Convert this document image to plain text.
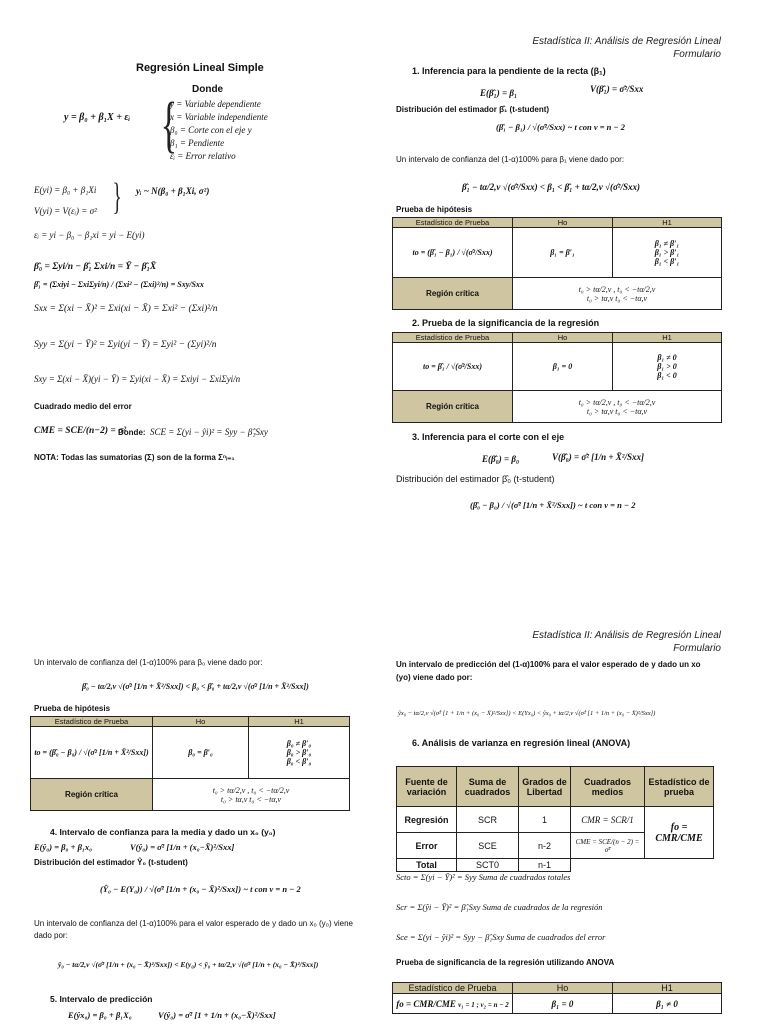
Regresión Lineal Simple
Donde
y = β₀ + β₁X + εᵢ {
y = Variable dependiente
x = Variable independiente
β₀ = Corte con el eje y
β₁ = Pendiente
εᵢ = Error relativo
E(yi) = β₀ + β₁Xi
V(yi) = V(εᵢ) = σ² } yᵢ ~ N(β₀ + β₁Xi, σ²)
εᵢ = yi − β₀ − β₁xi = yi − E(yi)
β̂₀ = Σyi/n − β̂₁ Σxi/n = Ȳ − β̂₁X̄
β̂₁ = (Σxiyi − ΣxiΣyi/n) / (Σxi² − (Σxi)²/n) = Sxy/Sxx
Sxx = Σ(xi − X̄)² = Σxi(xi − X̄) = Σxi² − (Σxi)²/n
Syy = Σ(yi − Ȳ)² = Σyi(yi − Ȳ) = Σyi² − (Σyi)²/n
Sxy = Σ(xi − X̄)(yi − Ȳ) = Σyi(xi − X̄) = Σxiyi − ΣxiΣyi/n
Cuadrado medio del error
CME = SCE/(n−2) = σ²
Donde: SCE = Σ(yi − ŷi)² = Syy − β̂₁Sxy
NOTA: Todas las sumatorias (Σ) son de la forma Σⁿᵢ₌₁
Estadística II: Análisis de Regresión Lineal
Formulario
1. Inferencia para la pendiente de la recta (β₁)
E(β̂₁) = β₁	V(β̂₁) = σ̂²/Sxx
Distribución del estimador β̂₁ (t-student)
(β̂₁ − β₁) / √(σ̂²/Sxx) ~ t con v = n − 2
Un intervalo de confianza del (1-α)100% para β₁ viene dado por:
β̂₁ − tα/2,v √(σ̂²/Sxx) < β₁ < β̂₁ + tα/2,v √(σ̂²/Sxx)
Prueba de hipótesis
Estadístico de Prueba	Ho	H1
to = (β̂₁ − β₁) / √(σ̂²/Sxx)	β₁ = β′₁	β₁ ≠ β′₁
β₁ > β′₁
β₁ < β′₁

Región crítica	t₀ > tα/2,v , t₀ < −tα/2,v
t₀ > tα,v t₀ < −tα,v	
2. Prueba de la significancia de la regresión
Estadístico de Prueba	Ho	H1
to = β̂₁ / √(σ̂²/Sxx)	β₁ = 0	β₁ ≠ 0
β₁ > 0
β₁ < 0

Región crítica	t₀ > tα/2,v , t₀ < −tα/2,v
t₀ > tα,v t₀ < −tα,v	
3. Inferencia para el corte con el eje
E(β̂₀) = β₀	V(β̂₀) = σ̂² [1/n + X̄²/Sxx]
Distribución del estimador β̂₀ (t-student)
(β̂₀ − β₀) / √(σ̂² [1/n + X̄²/Sxx]) ~ t con v = n − 2
Un intervalo de confianza del (1-α)100% para β₀ viene dado por:
β̂₀ − tα/2,v √(σ̂² [1/n + X̄²/Sxx]) < β₀ < β̂₀ + tα/2,v √(σ̂² [1/n + X̄²/Sxx])
Prueba de hipótesis
Estadístico de Prueba	Ho	H1
to = (β̂₀ − β₀) / √(σ̂² [1/n + X̄²/Sxx])	β₀ = β′₀	β₀ ≠ β′₀
β₀ > β′₀
β₀ < β′₀

Región crítica	t₀ > tα/2,v , t₀ < −tα/2,v
t₀ > tα,v t₀ < −tα,v	
4. Intervalo de confianza para la media y dado un x₀ (y₀)
E(ŷ₀) = β₀ + β₁x₀	V(ŷ₀) = σ̂² [1/n + (x₀−X̄)²/Sxx]
Distribución del estimador Ŷ₀ (t-student)
(Ŷ₀ − E(Y₀)) / √(σ̂² [1/n + (x₀ − X̄)²/Sxx]) ~ t con v = n − 2
Un intervalo de confianza del (1-α)100% para el valor esperado de y dado un x₀ (y₀) viene dado por:
ŷ₀ − tα/2,v √(σ̂² [1/n + (x₀ − X̄)²/Sxx]) < E(y₀) < ŷ₀ + tα/2,v √(σ̂² [1/n + (x₀ − X̄)²/Sxx])
5. Intervalo de predicción
E(ŷx₀) = β₀ + β₁X₀	V(ŷ₀) = σ̂² [1 + 1/n + (x₀−X̄)²/Sxx]
Estadística II: Análisis de Regresión Lineal
Formulario
Un intervalo de predicción del (1-α)100% para el valor esperado de y dado un xo (yo) viene dado por:
ŷx₀ − tα/2,v √(σ̂² [1 + 1/n + (x₀ − X̄)²/Sxx]) < E(Yx₀) < ŷx₀ + tα/2,v √(σ̂² [1 + 1/n + (x₀ − X̄)²/Sxx])
6. Análisis de varianza en regresión lineal (ANOVA)
Fuente de variación	Suma de cuadrados	Grados de Libertad	Cuadrados medios	Estadístico de prueba
Regresión	SCR	1	CMR = SCR/1	fo = CMR/CME
Error	SCE	n-2	CME = SCE/(n − 2) = σ̂²	
Total	SCT0	n-1		
Scto = Σ(yi − Ȳ)² = Syy Suma de cuadrados totales
Scr = Σ(ŷi − Ȳ)² = β̂₁Sxy Suma de cuadrados de la regresión
Sce = Σ(yi − ŷi)² = Syy − β̂₁Sxy Suma de cuadrados del error
Prueba de significancia de la regresión utilizando ANOVA
Estadístico de Prueba	Ho	H1
fo = CMR/CME v₁ = 1 ; v₂ = n − 2	β₁ = 0	β₁ ≠ 0
